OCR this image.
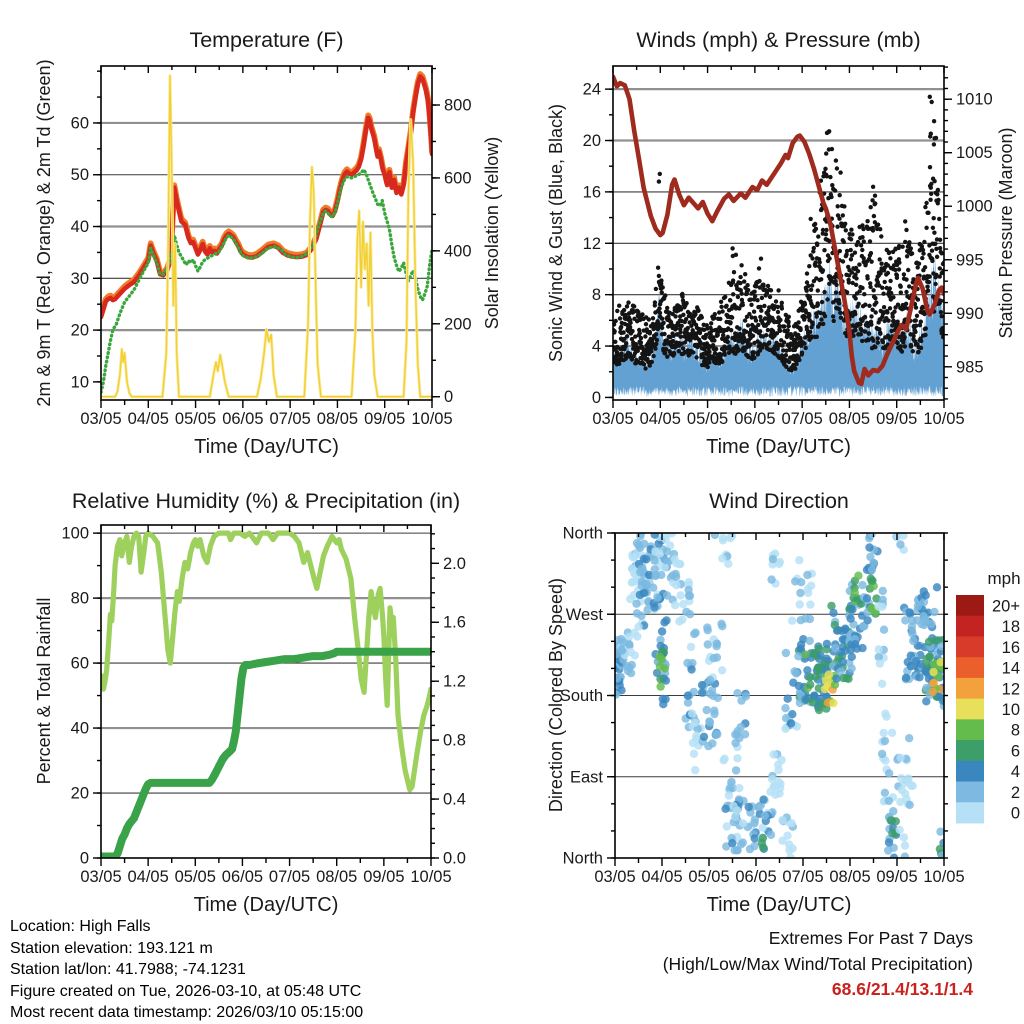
03/05 04/05 05/05 06/05 07/05 08/05 09/05 10/05
10
20
30
40
50
60
0
200
400
600
800
03/05 04/05 05/05 06/05 07/05 08/05 09/05 10/05
0
4
8
12
16
20
24
985
990
995
1000
1005
1010
03/05 04/05 05/05 06/05 07/05 08/05 09/05 10/05
0
20
40
60
80
100
0.0
0.4
0.8
1.2
1.6
2.0
03/05 04/05 05/05 06/05 07/05 08/05 09/05 10/05
North
East
South
West
North
20+
18
16
14
12
10
8
6
4
2
0
Temperature (F)	Winds (mph) & Pressure (mb)
Relative Humidity (%) & Precipitation (in)	Wind Direction
Time (Day/UTC)	Time (Day/UTC)
Time (Day/UTC)	Time (Day/UTC)
2m & 9m T (Red, Orange) & 2m Td (Green)	Solar Insolation (Yellow) Sonic Wind & Gust (Blue, Black)	Station Pressure (Maroon)
Percent & Total Rainfall	Direction (Colored By Speed)	mph
Location: High Falls
Station elevation: 193.121 m
Station lat/lon: 41.7988; -74.1231
Figure created on Tue, 2026-03-10, at 05:48 UTC
Most recent data timestamp: 2026/03/10 05:15:00
Extremes For Past 7 Days
(High/Low/Max Wind/Total Precipitation)
68.6/21.4/13.1/1.4
